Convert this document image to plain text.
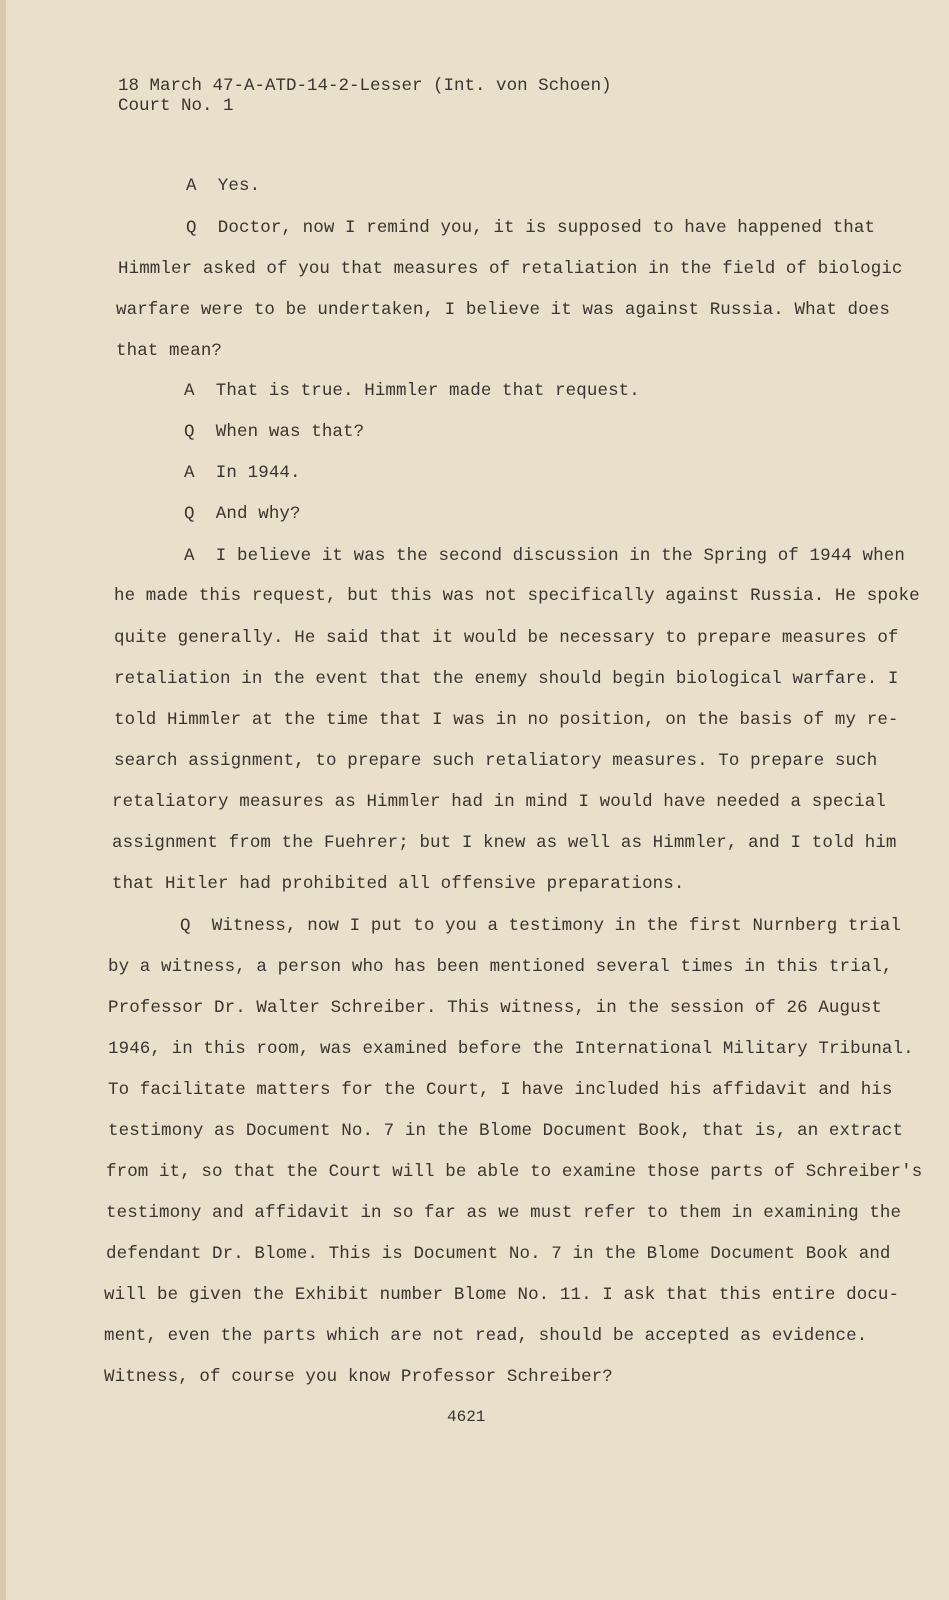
18 March 47-A-ATD-14-2-Lesser (Int. von Schoen)
Court No. 1
A  Yes.
Q  Doctor, now I remind you, it is supposed to have happened that
Himmler asked of you that measures of retaliation in the field of biologic
warfare were to be undertaken, I believe it was against Russia. What does
that mean?
A  That is true. Himmler made that request.
Q  When was that?
A  In 1944.
Q  And why?
A  I believe it was the second discussion in the Spring of 1944 when
he made this request, but this was not specifically against Russia. He spoke
quite generally. He said that it would be necessary to prepare measures of
retaliation in the event that the enemy should begin biological warfare. I
told Himmler at the time that I was in no position, on the basis of my re-
search assignment, to prepare such retaliatory measures. To prepare such
retaliatory measures as Himmler had in mind I would have needed a special
assignment from the Fuehrer; but I knew as well as Himmler, and I told him
that Hitler had prohibited all offensive preparations.
Q  Witness, now I put to you a testimony in the first Nurnberg trial
by a witness, a person who has been mentioned several times in this trial,
Professor Dr. Walter Schreiber. This witness, in the session of 26 August
1946, in this room, was examined before the International Military Tribunal.
To facilitate matters for the Court, I have included his affidavit and his
testimony as Document No. 7 in the Blome Document Book, that is, an extract
from it, so that the Court will be able to examine those parts of Schreiber's
testimony and affidavit in so far as we must refer to them in examining the
defendant Dr. Blome. This is Document No. 7 in the Blome Document Book and
will be given the Exhibit number Blome No. 11. I ask that this entire docu-
ment, even the parts which are not read, should be accepted as evidence.
Witness, of course you know Professor Schreiber?
4621
